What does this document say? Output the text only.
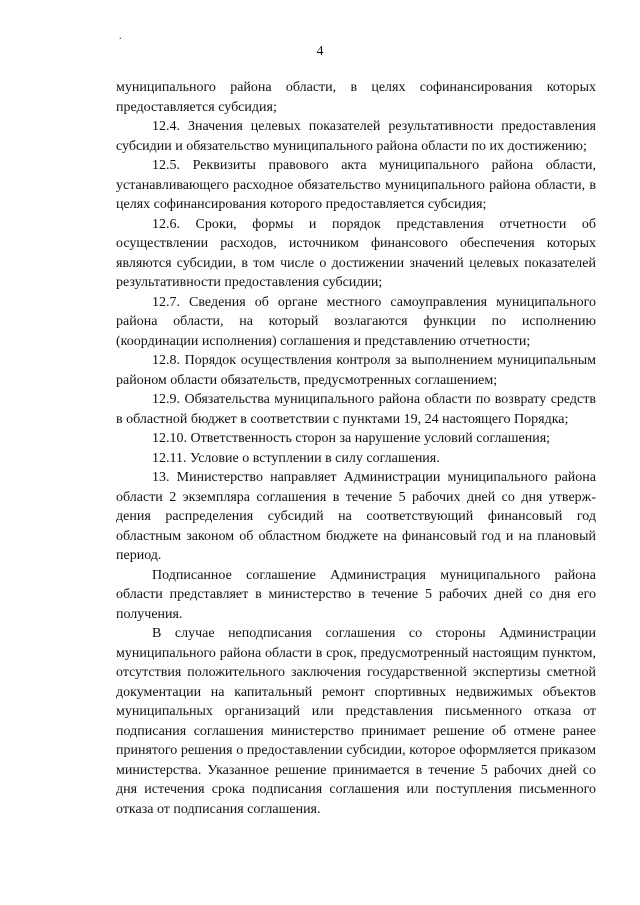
.
4

муниципального района области, в целях софинансирования которых предоставляется субсидия;

12.4. Значения целевых показателей результативности предоставления субсидии и обязательство муниципального района области по их достижению;

12.5. Реквизиты правового акта муниципального района области, устанавливающего расходное обязательство муниципального района области, в целях софинансирования которого предоставляется субсидия;

12.6. Сроки, формы и порядок представления отчетности об осуществлении расходов, источником финансового обеспечения которых являются субсидии, в том числе о достижении значений целевых показателей результативности предоставления субсидии;

12.7. Сведения об органе местного самоуправления муниципального района области, на который возлагаются функции по исполнению (координации исполнения) соглашения и представлению отчетности;

12.8. Порядок осуществления контроля за выполнением муниципальным районом области обязательств, предусмотренных соглашением;

12.9. Обязательства муниципального района области по возврату средств в областной бюджет в соответствии с пунктами 19, 24 настоящего Порядка;

12.10. Ответственность сторон за нарушение условий соглашения;

12.11. Условие о вступлении в силу соглашения.

13. Министерство направляет Администрации муниципального района области 2 экземпляра соглашения в течение 5 рабочих дней со дня утверж-дения распределения субсидий на соответствующий финансовый год областным законом об областном бюджете на финансовый год и на плановый период.

Подписанное соглашение Администрация муниципального района области представляет в министерство в течение 5 рабочих дней со дня его получения.

В случае неподписания соглашения со стороны Администрации муниципального района области в срок, предусмотренный настоящим пунктом, отсутствия положительного заключения государственной экспертизы сметной документации на капитальный ремонт спортивных недвижимых объектов муниципальных организаций или представления письменного отказа от подписания соглашения министерство принимает решение об отмене ранее принятого решения о предоставлении субсидии, которое оформляется приказом министерства. Указанное решение принимается в течение 5 рабочих дней со дня истечения срока подписания соглашения или поступления письменного отказа от подписания соглашения.
